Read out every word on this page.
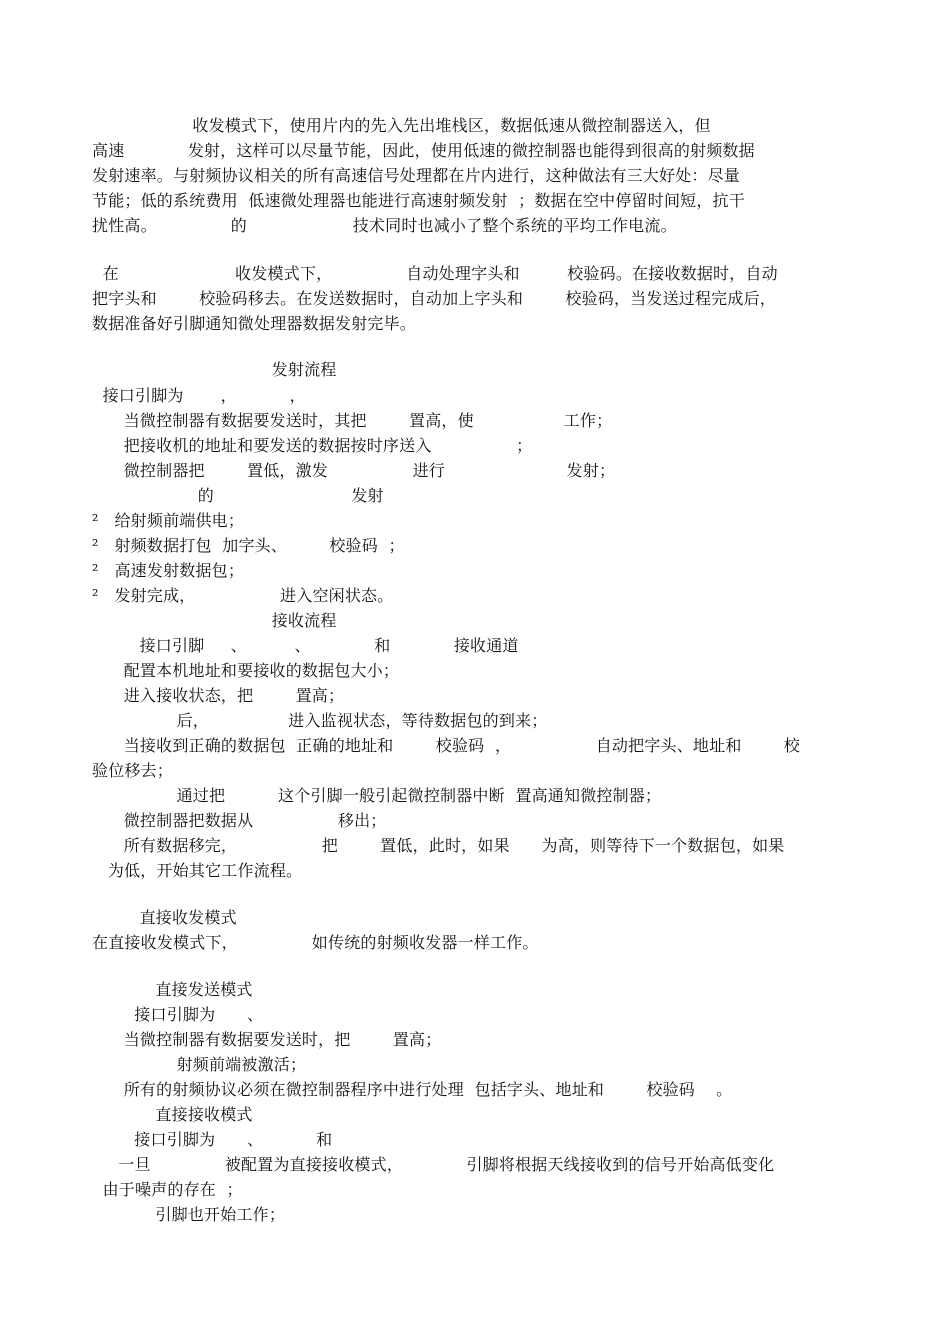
收发模式下，使用片内的先入先出堆栈区，数据低速从微控制器送入，但
高速            发射，这样可以尽量节能，因此，使用低速的微控制器也能得到很高的射频数据
发射速率。与射频协议相关的所有高速信号处理都在片内进行，这种做法有三大好处：尽量
节能；低的系统费用  低速微处理器也能进行高速射频发射  ；数据在空中停留时间短，抗干
扰性高。              的                    技术同时也减小了整个系统的平均工作电流。
在                      收发模式下，              自动处理字头和         校验码。在接收数据时，自动
把字头和        校验码移去。在发送数据时，自动加上字头和        校验码，当发送过程完成后，
数据准备好引脚通知微处理器数据发射完毕。
发射流程
接口引脚为       ，          ，
当微控制器有数据要发送时，其把        置高，使                 工作；
把接收机的地址和要发送的数据按时序送入                ；
微控制器把        置低，激发                进行                       发射；
的                          发射
²   给射频前端供电；
²   射频数据打包  加字头、        校验码  ；
²   高速发射数据包；
²   发射完成，                进入空闲状态。
接收流程
接口引脚     、         、            和            接收通道
配置本机地址和要接收的数据包大小；
进入接收状态，把        置高；
后，               进入监视状态，等待数据包的到来；
当接收到正确的数据包  正确的地址和        校验码  ，                自动把字头、地址和        校
验位移去；
通过把          这个引脚一般引起微控制器中断  置高通知微控制器；
微控制器把数据从                移出；
所有数据移完，                把        置低，此时，如果      为高，则等待下一个数据包，如果
为低，开始其它工作流程。
直接收发模式
在直接收发模式下，              如传统的射频收发器一样工作。
直接发送模式
接口引脚为      、
当微控制器有数据要发送时，把        置高；
射频前端被激活；
所有的射频协议必须在微控制器程序中进行处理  包括字头、地址和        校验码    。
直接接收模式
接口引脚为      、          和
一旦              被配置为直接接收模式，            引脚将根据天线接收到的信号开始高低变化
由于噪声的存在  ；
引脚也开始工作；
